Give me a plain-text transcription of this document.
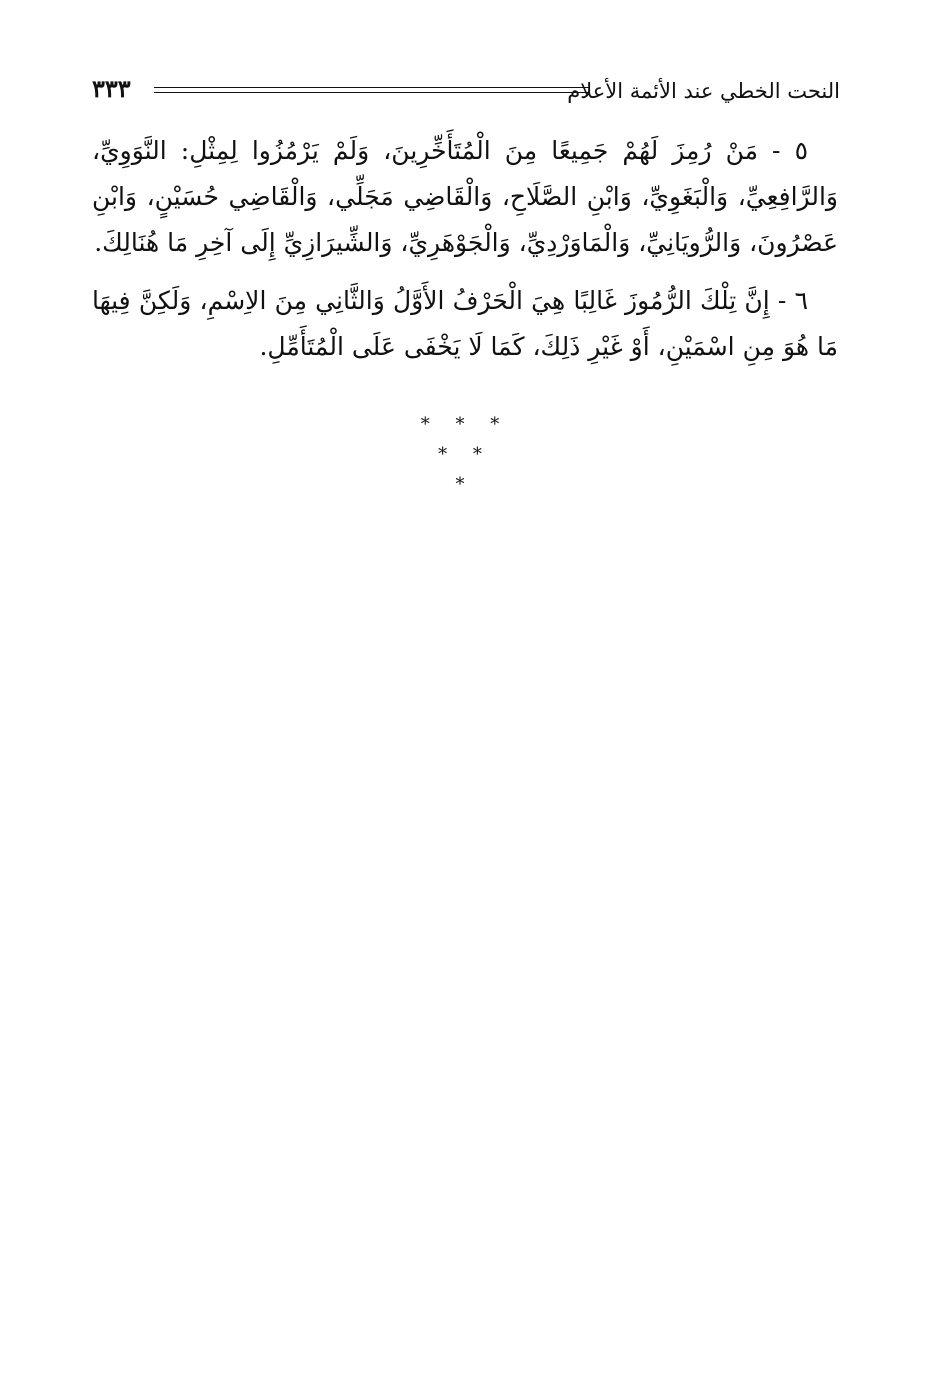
النحت الخطي عند الأئمة الأعلام
٣٣٣

٥ - مَنْ رُمِزَ لَهُمْ جَمِيعًا مِنَ الْمُتَأَخِّرِينَ، وَلَمْ يَرْمُزُوا لِمِثْلِ: النَّوَوِيِّ، وَالرَّافِعِيِّ، وَالْبَغَوِيِّ، وَابْنِ الصَّلَاحِ، وَالْقَاضِي مَجَلِّي، وَالْقَاضِي حُسَيْنٍ، وَابْنِ عَصْرُونَ، وَالرُّويَانِيِّ، وَالْمَاوَرْدِيِّ، وَالْجَوْهَرِيِّ، وَالشِّيرَازِيِّ إِلَى آخِرِ مَا هُنَالِكَ.

٦ - إِنَّ تِلْكَ الرُّمُوزَ غَالِبًا هِيَ الْحَرْفُ الأَوَّلُ وَالثَّانِي مِنَ الاِسْمِ، وَلَكِنَّ فِيهَا مَا هُوَ مِنِ اسْمَيْنِ، أَوْ غَيْرِ ذَلِكَ، كَمَا لَا يَخْفَى عَلَى الْمُتَأَمِّلِ.

* * *
* *
*
